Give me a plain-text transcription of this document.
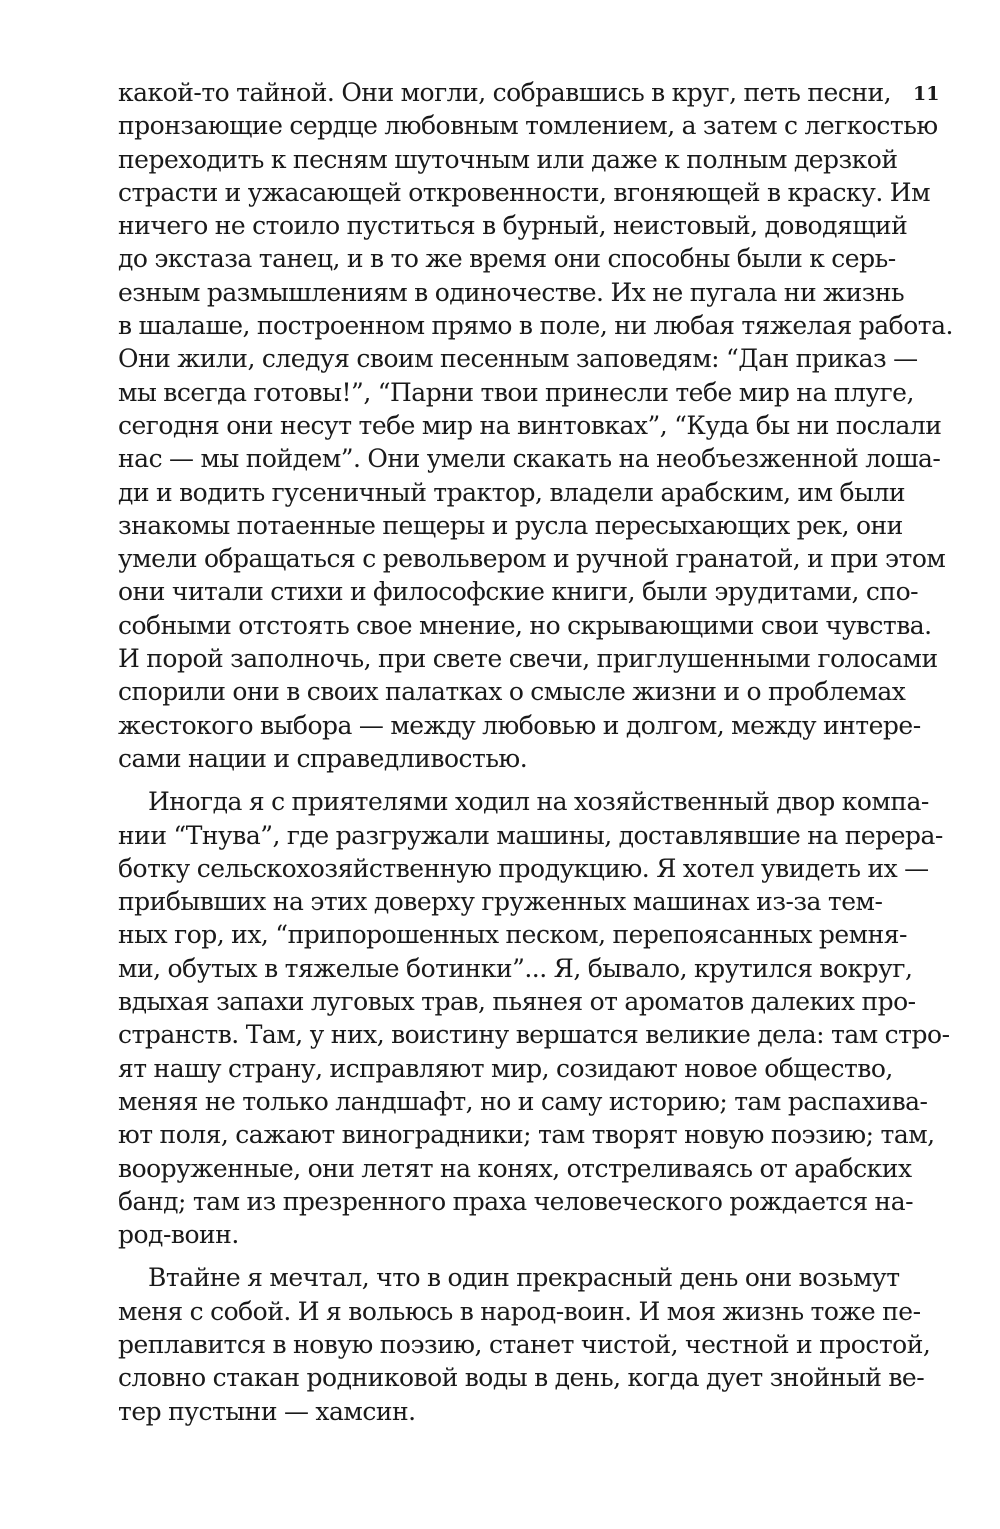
11
какой-то тайной. Они могли, собравшись в круг, петь песни,
пронзающие сердце любовным томлением, а затем с легкостью
переходить к песням шуточным или даже к полным дерзкой
страсти и ужасающей откровенности, вгоняющей в краску. Им
ничего не стоило пуститься в бурный, неистовый, доводящий
до экстаза танец, и в то же время они способны были к серь-
езным размышлениям в одиночестве. Их не пугала ни жизнь
в шалаше, построенном прямо в поле, ни любая тяжелая работа.
Они жили, следуя своим песенным заповедям: “Дан приказ —
мы всегда готовы!”, “Парни твои принесли тебе мир на плуге,
сегодня они несут тебе мир на винтовках”, “Куда бы ни послали
нас — мы пойдем”. Они умели скакать на необъезженной лоша-
ди и водить гусеничный трактор, владели арабским, им были
знакомы потаенные пещеры и русла пересыхающих рек, они
умели обращаться с револьвером и ручной гранатой, и при этом
они читали стихи и философские книги, были эрудитами, спо-
собными отстоять свое мнение, но скрывающими свои чувства.
И порой заполночь, при свете свечи, приглушенными голосами
спорили они в своих палатках о смысле жизни и о проблемах
жестокого выбора — между любовью и долгом, между интере-
сами нации и справедливостью.
Иногда я с приятелями ходил на хозяйственный двор компа-
нии “Тнува”, где разгружали машины, доставлявшие на перера-
ботку сельскохозяйственную продукцию. Я хотел увидеть их —
прибывших на этих доверху груженных машинах из-за тем-
ных гор, их, “припорошенных песком, перепоясанных ремня-
ми, обутых в тяжелые ботинки”... Я, бывало, крутился вокруг,
вдыхая запахи луговых трав, пьянея от ароматов далеких про-
странств. Там, у них, воистину вершатся великие дела: там стро-
ят нашу страну, исправляют мир, созидают новое общество,
меняя не только ландшафт, но и саму историю; там распахива-
ют поля, сажают виноградники; там творят новую поэзию; там,
вооруженные, они летят на конях, отстреливаясь от арабских
банд; там из презренного праха человеческого рождается на-
род-воин.
Втайне я мечтал, что в один прекрасный день они возьмут
меня с собой. И я вольюсь в народ-воин. И моя жизнь тоже пе-
реплавится в новую поэзию, станет чистой, честной и простой,
словно стакан родниковой воды в день, когда дует знойный ве-
тер пустыни — хамсин.
